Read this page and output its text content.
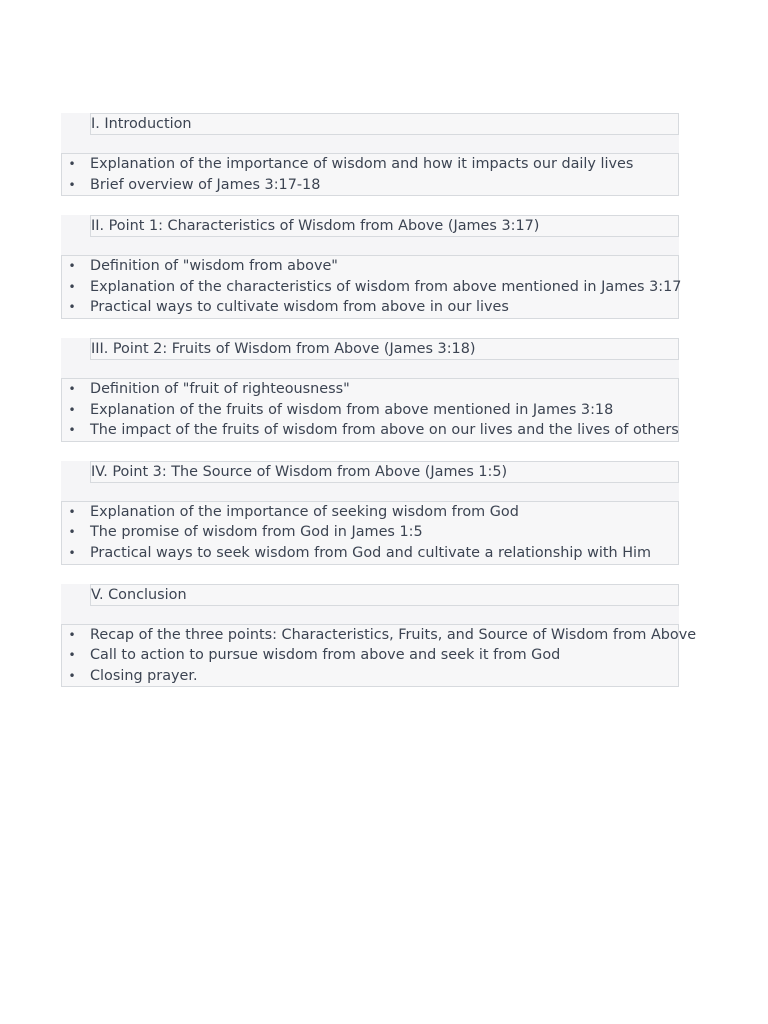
I. Introduction
• Explanation of the importance of wisdom and how it impacts our daily lives
• Brief overview of James 3:17-18
II. Point 1: Characteristics of Wisdom from Above (James 3:17)
• Definition of "wisdom from above"
• Explanation of the characteristics of wisdom from above mentioned in James 3:17
• Practical ways to cultivate wisdom from above in our lives
III. Point 2: Fruits of Wisdom from Above (James 3:18)
• Definition of "fruit of righteousness"
• Explanation of the fruits of wisdom from above mentioned in James 3:18
• The impact of the fruits of wisdom from above on our lives and the lives of others
IV. Point 3: The Source of Wisdom from Above (James 1:5)
• Explanation of the importance of seeking wisdom from God
• The promise of wisdom from God in James 1:5
• Practical ways to seek wisdom from God and cultivate a relationship with Him
V. Conclusion
• Recap of the three points: Characteristics, Fruits, and Source of Wisdom from Above
• Call to action to pursue wisdom from above and seek it from God
• Closing prayer.
